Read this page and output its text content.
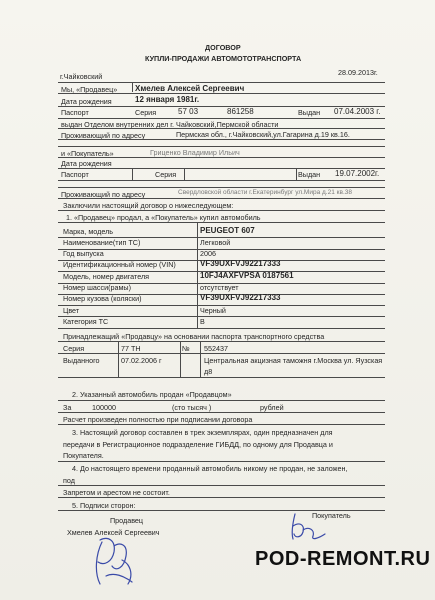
ДОГОВОР
КУПЛИ-ПРОДАЖИ АВТОМОТОТРАНСПОРТА
г.Чайковский	28.09.2013г.
Мы, «Продавец» Хмелев Алексей Сергеевич
Дата рождения	12 января 1981г.
Паспорт	Серия	57 03	861258	Выдан 07.04.2003 г.
выдан Отделом внутренних дел г. Чайковский,Пермской области
Проживающий по адресу	Пермская обл., г.Чайковский,ул.Гагарина д.19 кв.16.
и «Покупатель»	Гриценко Владимир Ильич
Дата рождения
Паспорт	Серия	Выдан 19.07.2002г.
Проживающий по адресу	Свердловской области г.Екатеринбург ул.Мира д.21 кв.38
Заключили настоящий договор о нижеследующем:
1. «Продавец» продал, а «Покупатель» купил автомобиль
Марка, модель	PEUGEOT 607
Наименование(тип ТС)	Легковой
Год выпуска	2006
Идентификационный номер (VIN)	VF39UXFVJ92217333
Модель, номер двигателя	10FJ4AXFVPSA 0187561
Номер шасси(рамы)	отсутствует
Номер кузова (коляски)	VF39UXFVJ92217333
Цвет	Черный
Категория ТС	В
Принадлежащий «Продавцу» на основании паспорта транспортного средства
Серия	77 ТН	№ 552437
Выданного	07.02.2006 г	Центральная акцизная таможня г.Москва ул. Яузская
д8
2. Указанный автомобиль продан «Продавцом»
За	100000	(сто тысяч )	рублей
Расчет произведен полностью при подписании договора
3. Настоящий договор составлен в трех экземплярах, один предназначен для
передачи в Регистрационное подразделение ГИБДД, по одному для Продавца и
Покупателя.
4. До настоящего времени проданный автомобиль никому не продан, не заложен,
под
Запретом и арестом не состоит.
5. Подписи сторон:
Продавец
Хмелев Алексей Сергеевич
Покупатель
POD-REMONT.RU
